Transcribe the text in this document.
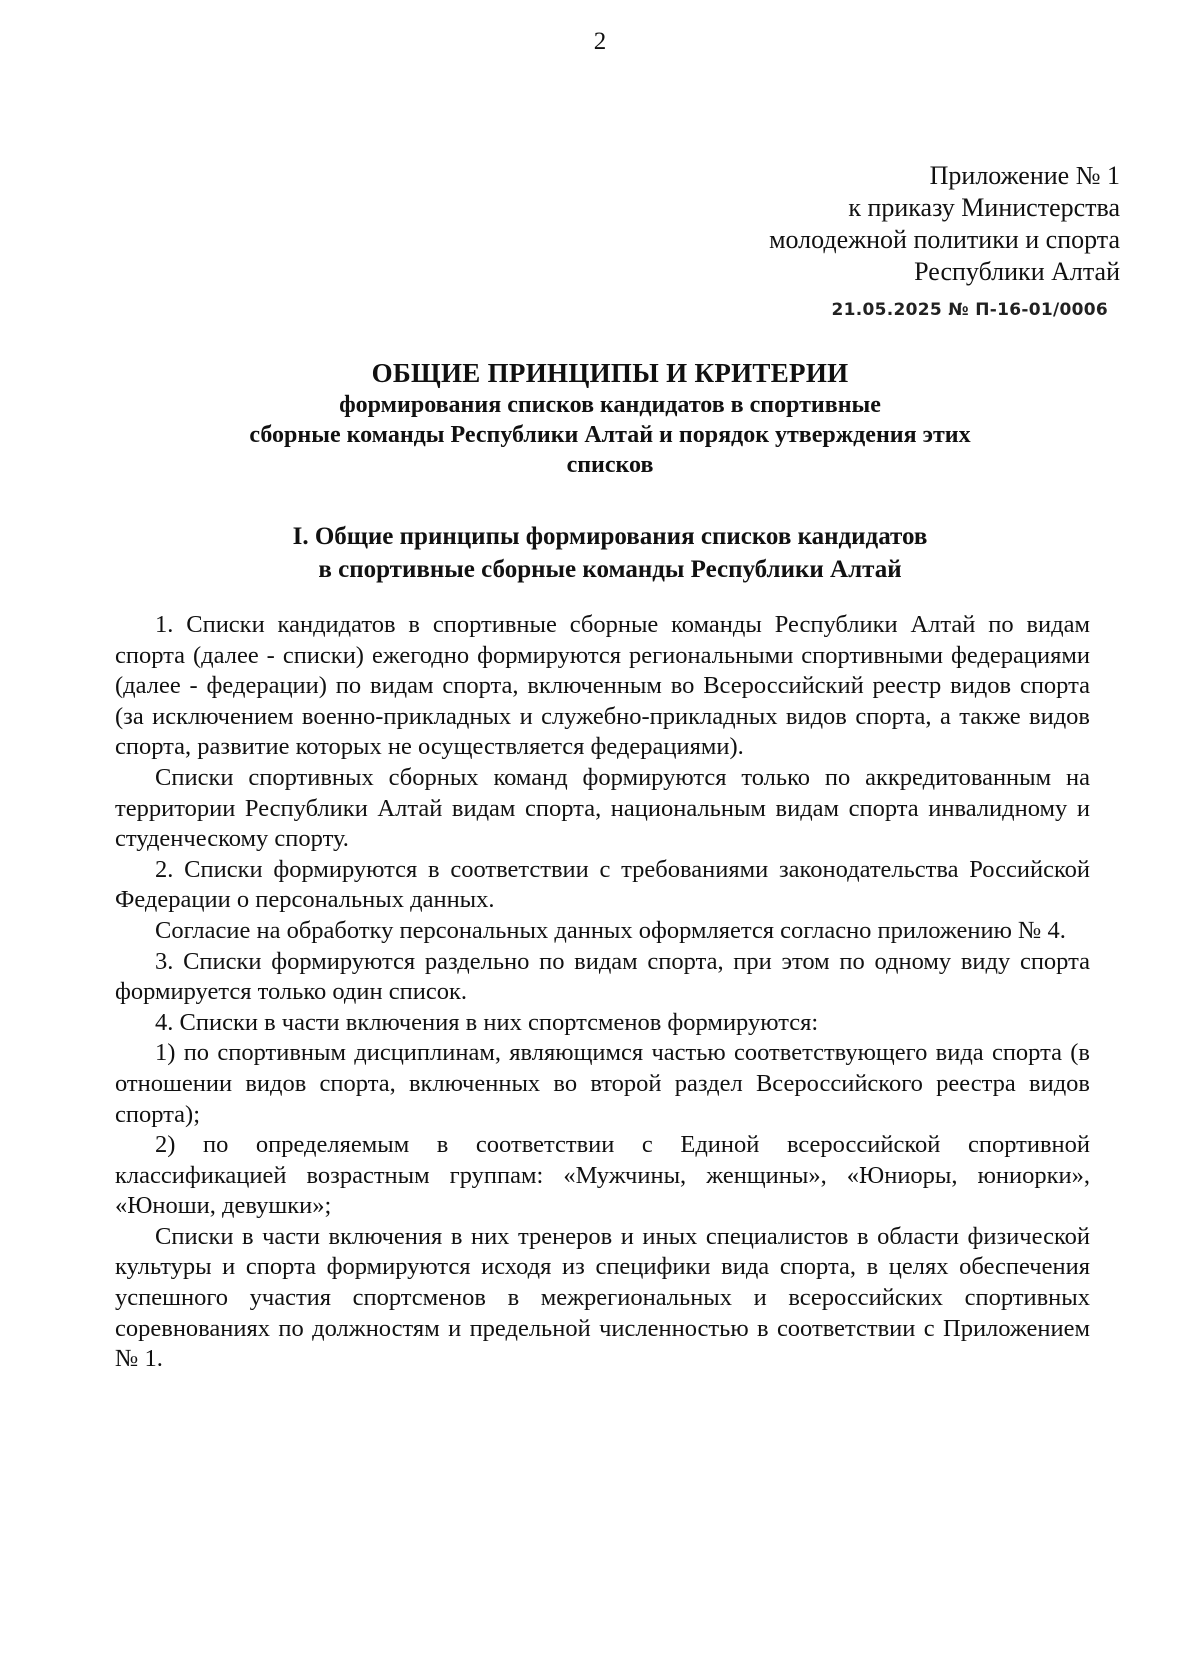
2
Приложение № 1
к приказу Министерства
молодежной политики и спорта
Республики Алтай
21.05.2025 № П-16-01/0006
ОБЩИЕ ПРИНЦИПЫ И КРИТЕРИИ
формирования списков кандидатов в спортивные
сборные команды Республики Алтай и порядок утверждения этих
списков
I. Общие принципы формирования списков кандидатов
в спортивные сборные команды Республики Алтай

1. Списки кандидатов в спортивные сборные команды Республики Алтай по видам спорта (далее - списки) ежегодно формируются региональными спортивными федерациями (далее - федерации) по видам спорта, включенным во Всероссийский реестр видов спорта (за исключением военно-прикладных и служебно-прикладных видов спорта, а также видов спорта, развитие которых не осуществляется федерациями).

Списки спортивных сборных команд формируются только по аккредитованным на территории Республики Алтай видам спорта, национальным видам спорта инвалидному и студенческому спорту.

2. Списки формируются в соответствии с требованиями законодательства Российской Федерации о персональных данных.

Согласие на обработку персональных данных оформляется согласно приложению № 4.

3. Списки формируются раздельно по видам спорта, при этом по одному виду спорта формируется только один список.

4. Списки в части включения в них спортсменов формируются:

1) по спортивным дисциплинам, являющимся частью соответствующего вида спорта (в отношении видов спорта, включенных во второй раздел Всероссийского реестра видов спорта);

2) по определяемым в соответствии с Единой всероссийской спортивной классификацией возрастным группам: «Мужчины, женщины», «Юниоры, юниорки», «Юноши, девушки»;

Списки в части включения в них тренеров и иных специалистов в области физической культуры и спорта формируются исходя из специфики вида спорта, в целях обеспечения успешного участия спортсменов в межрегиональных и всероссийских спортивных соревнованиях по должностям и предельной численностью в соответствии с Приложением № 1.
